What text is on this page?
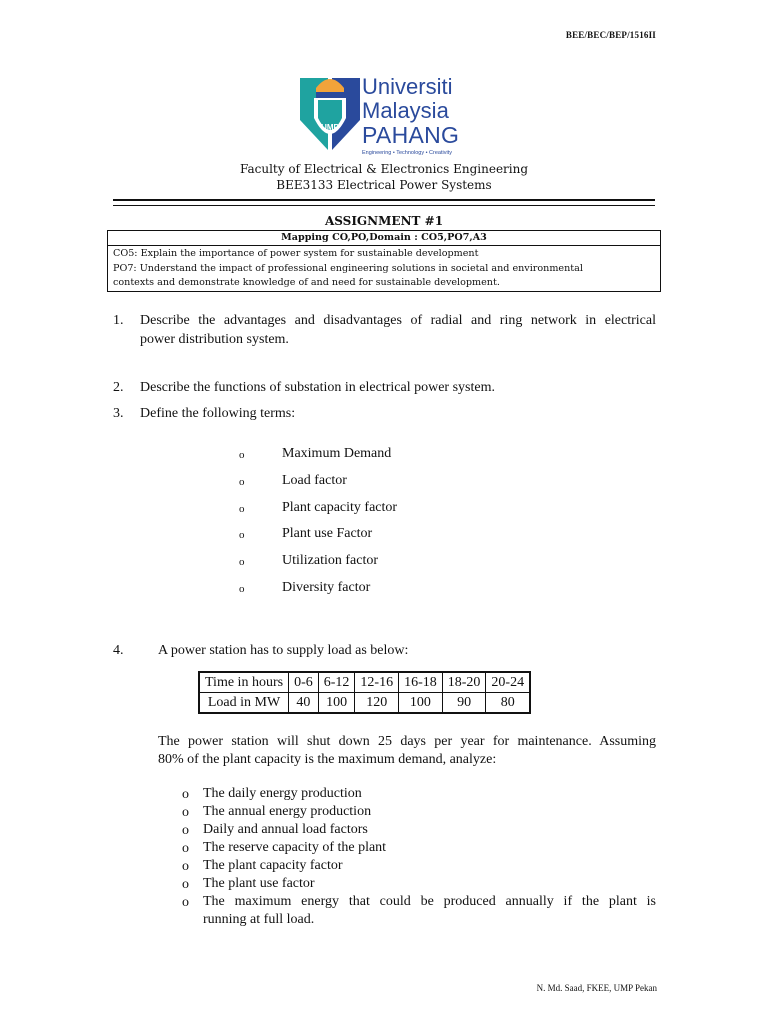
BEE/BEC/BEP/1516II
UMP
Universiti
Malaysia
PAHANG
Engineering • Technology • Creativity
Faculty of Electrical & Electronics Engineering
BEE3133 Electrical Power Systems
ASSIGNMENT #1
Mapping CO,PO,Domain : CO5,PO7,A3
CO5: Explain the importance of power system for sustainable development
PO7: Understand the impact of professional engineering solutions in societal and environmental
contexts and demonstrate knowledge of and need for sustainable development.
1. Describe the advantages and disadvantages of radial and ring network in electrical
power distribution system.
2. Describe the functions of substation in electrical power system.
3. Define the following terms:
o	Maximum Demand
o	Load factor
o	Plant capacity factor
o	Plant use Factor
o	Utilization factor
o	Diversity factor
4. A power station has to supply load as below:
Time in hours	0-6	6-12	12-16	16-18	18-20	20-24
Load in MW	40	100	120	100	90	80
The power station will shut down 25 days per year for maintenance. Assuming
80% of the plant capacity is the maximum demand, analyze:
o The daily energy production
o The annual energy production
o Daily and annual load factors
o The reserve capacity of the plant
o The plant capacity factor
o The plant use factor
o The maximum energy that could be produced annually if the plant is
running at full load.
N. Md. Saad, FKEE, UMP Pekan
